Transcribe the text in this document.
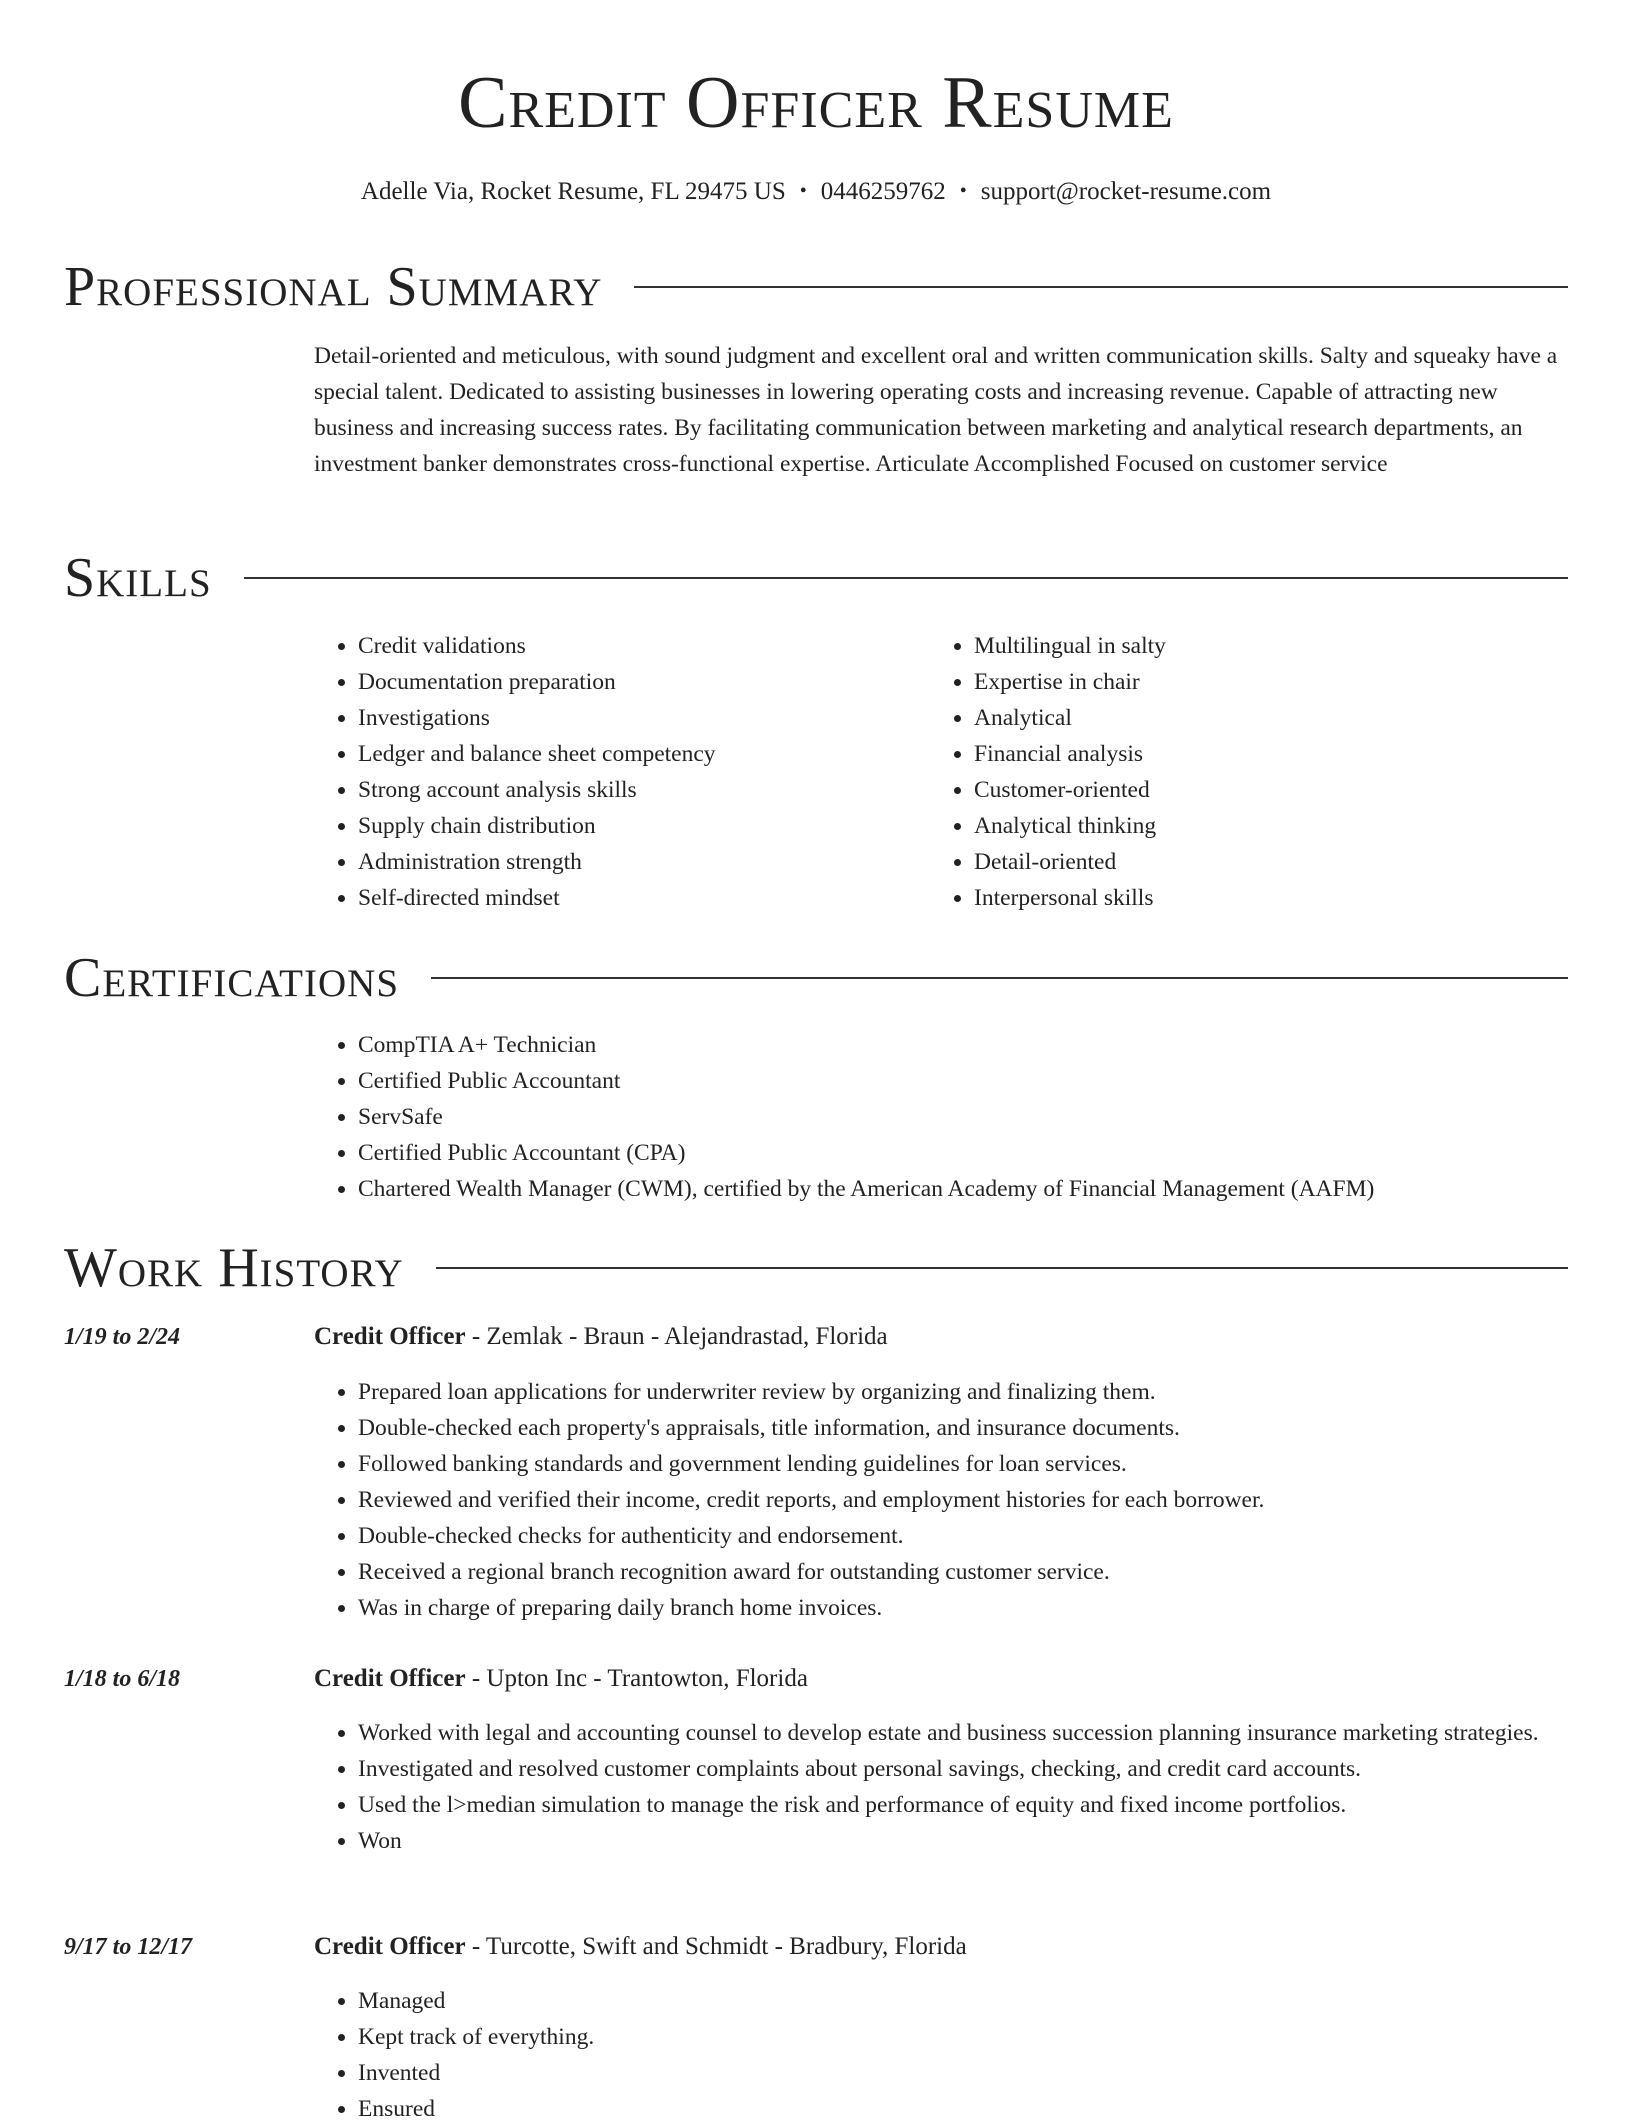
Credit Officer Resume
Adelle Via, Rocket Resume, FL 29475 US • 0446259762 • support@rocket-resume.com
Professional Summary
Detail-oriented and meticulous, with sound judgment and excellent oral and written communication skills. Salty and squeaky have a special talent. Dedicated to assisting businesses in lowering operating costs and increasing revenue. Capable of attracting new business and increasing success rates. By facilitating communication between marketing and analytical research departments, an investment banker demonstrates cross-functional expertise. Articulate Accomplished Focused on customer service
Skills
• Credit validations
• Documentation preparation
• Investigations
• Ledger and balance sheet competency
• Strong account analysis skills
• Supply chain distribution
• Administration strength
• Self-directed mindset
• Multilingual in salty
• Expertise in chair
• Analytical
• Financial analysis
• Customer-oriented
• Analytical thinking
• Detail-oriented
• Interpersonal skills
Certifications
• CompTIA A+ Technician
• Certified Public Accountant
• ServSafe
• Certified Public Accountant (CPA)
• Chartered Wealth Manager (CWM), certified by the American Academy of Financial Management (AAFM)
Work History
1/19 to 2/24	Credit Officer - Zemlak - Braun - Alejandrastad, Florida
• Prepared loan applications for underwriter review by organizing and finalizing them.
• Double-checked each property's appraisals, title information, and insurance documents.
• Followed banking standards and government lending guidelines for loan services.
• Reviewed and verified their income, credit reports, and employment histories for each borrower.
• Double-checked checks for authenticity and endorsement.
• Received a regional branch recognition award for outstanding customer service.
• Was in charge of preparing daily branch home invoices.
1/18 to 6/18	Credit Officer - Upton Inc - Trantowton, Florida
• Worked with legal and accounting counsel to develop estate and business succession planning insurance marketing strategies.
• Investigated and resolved customer complaints about personal savings, checking, and credit card accounts.
• Used the l>median simulation to manage the risk and performance of equity and fixed income portfolios.
• Won
9/17 to 12/17	Credit Officer - Turcotte, Swift and Schmidt - Bradbury, Florida
• Managed
• Kept track of everything.
• Invented
• Ensured
